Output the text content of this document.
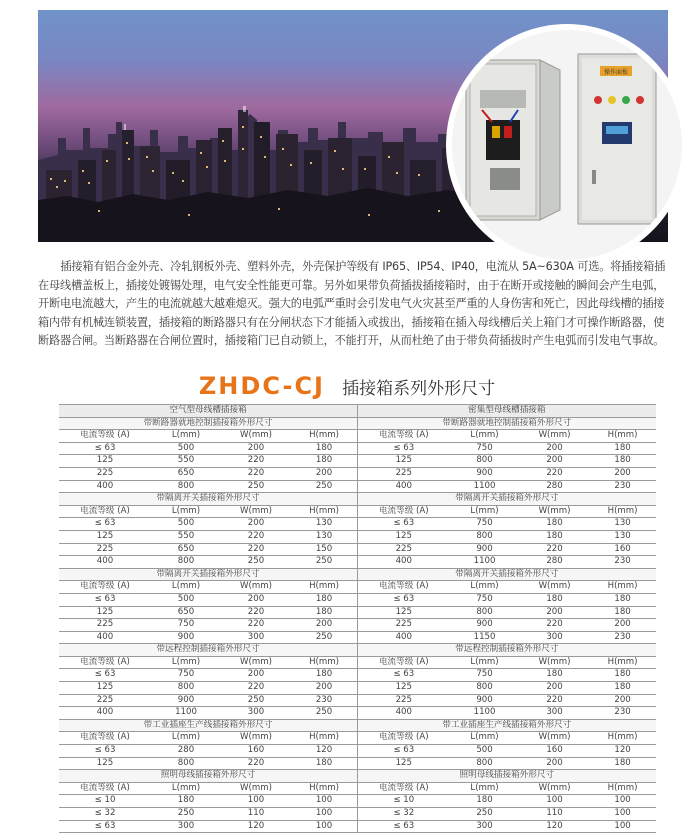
操作面板

插接箱有铝合金外壳、冷轧钢板外壳、塑料外壳，外壳保护等级有 IP65、IP54、IP40，电流从 5A~630A 可选。将插接箱插在母线槽盖板上，插接处镀锡处理，电气安全性能更可靠。另外如果带负荷插拔插接箱时，由于在断开或接触的瞬间会产生电弧，开断电电流越大，产生的电流就越大越难熄灭。强大的电弧严重时会引发电气火灾甚至严重的人身伤害和死亡，因此母线槽的插接箱内带有机械连锁装置，插接箱的断路器只有在分闸状态下才能插入或拔出，插接箱在插入母线槽后关上箱门才可操作断路器，使断路器合闸。当断路器在合闸位置时，插接箱门已自动锁上，不能打开，从而杜绝了由于带负荷插拔时产生电弧而引发电气事故。

ZHDC-CJ 插接箱系列外形尺寸
空气型母线槽插接箱			
带断路器就地控制插接箱外形尺寸			
电流等级 (A)	L(mm)	W(mm)	H(mm)
≤ 63	500	200	180
125	550	220	180
225	650	220	200
400	800	250	250
带隔离开关插接箱外形尺寸			
电流等级 (A)	L(mm)	W(mm)	H(mm)
≤ 63	500	200	130
125	550	220	130
225	650	220	150
400	800	250	250
带隔离开关插接箱外形尺寸			
电流等级 (A)	L(mm)	W(mm)	H(mm)
≤ 63	500	200	180
125	650	220	180
225	750	220	200
400	900	300	250
带远程控制插接箱外形尺寸			
电流等级 (A)	L(mm)	W(mm)	H(mm)
≤ 63	750	200	180
125	800	220	200
225	900	250	230
400	1100	300	250
带工业插座生产线插接箱外形尺寸			
电流等级 (A)	L(mm)	W(mm)	H(mm)
≤ 63	280	160	120
125	800	220	180
照明母线插接箱外形尺寸			
电流等级 (A)	L(mm)	W(mm)	H(mm)
≤ 10	180	100	100
≤ 32	250	110	100
≤ 63	300	120	100
密集型母线槽插接箱			
带断路器就地控制插接箱外形尺寸			
电流等级 (A)	L(mm)	W(mm)	H(mm)
≤ 63	750	200	180
125	800	200	180
225	900	220	200
400	1100	280	230
带隔离开关插接箱外形尺寸			
电流等级 (A)	L(mm)	W(mm)	H(mm)
≤ 63	750	180	130
125	800	180	130
225	900	220	160
400	1100	280	230
带隔离开关插接箱外形尺寸			
电流等级 (A)	L(mm)	W(mm)	H(mm)
≤ 63	750	180	180
125	800	200	180
225	900	220	200
400	1150	300	230
带远程控制插接箱外形尺寸			
电流等级 (A)	L(mm)	W(mm)	H(mm)
≤ 63	750	180	180
125	800	200	180
225	900	220	200
400	1100	300	230
带工业插座生产线插接箱外形尺寸			
电流等级 (A)	L(mm)	W(mm)	H(mm)
≤ 63	500	160	120
125	800	200	180
照明母线插接箱外形尺寸			
电流等级 (A)	L(mm)	W(mm)	H(mm)
≤ 10	180	100	100
≤ 32	250	110	100
≤ 63	300	120	100
